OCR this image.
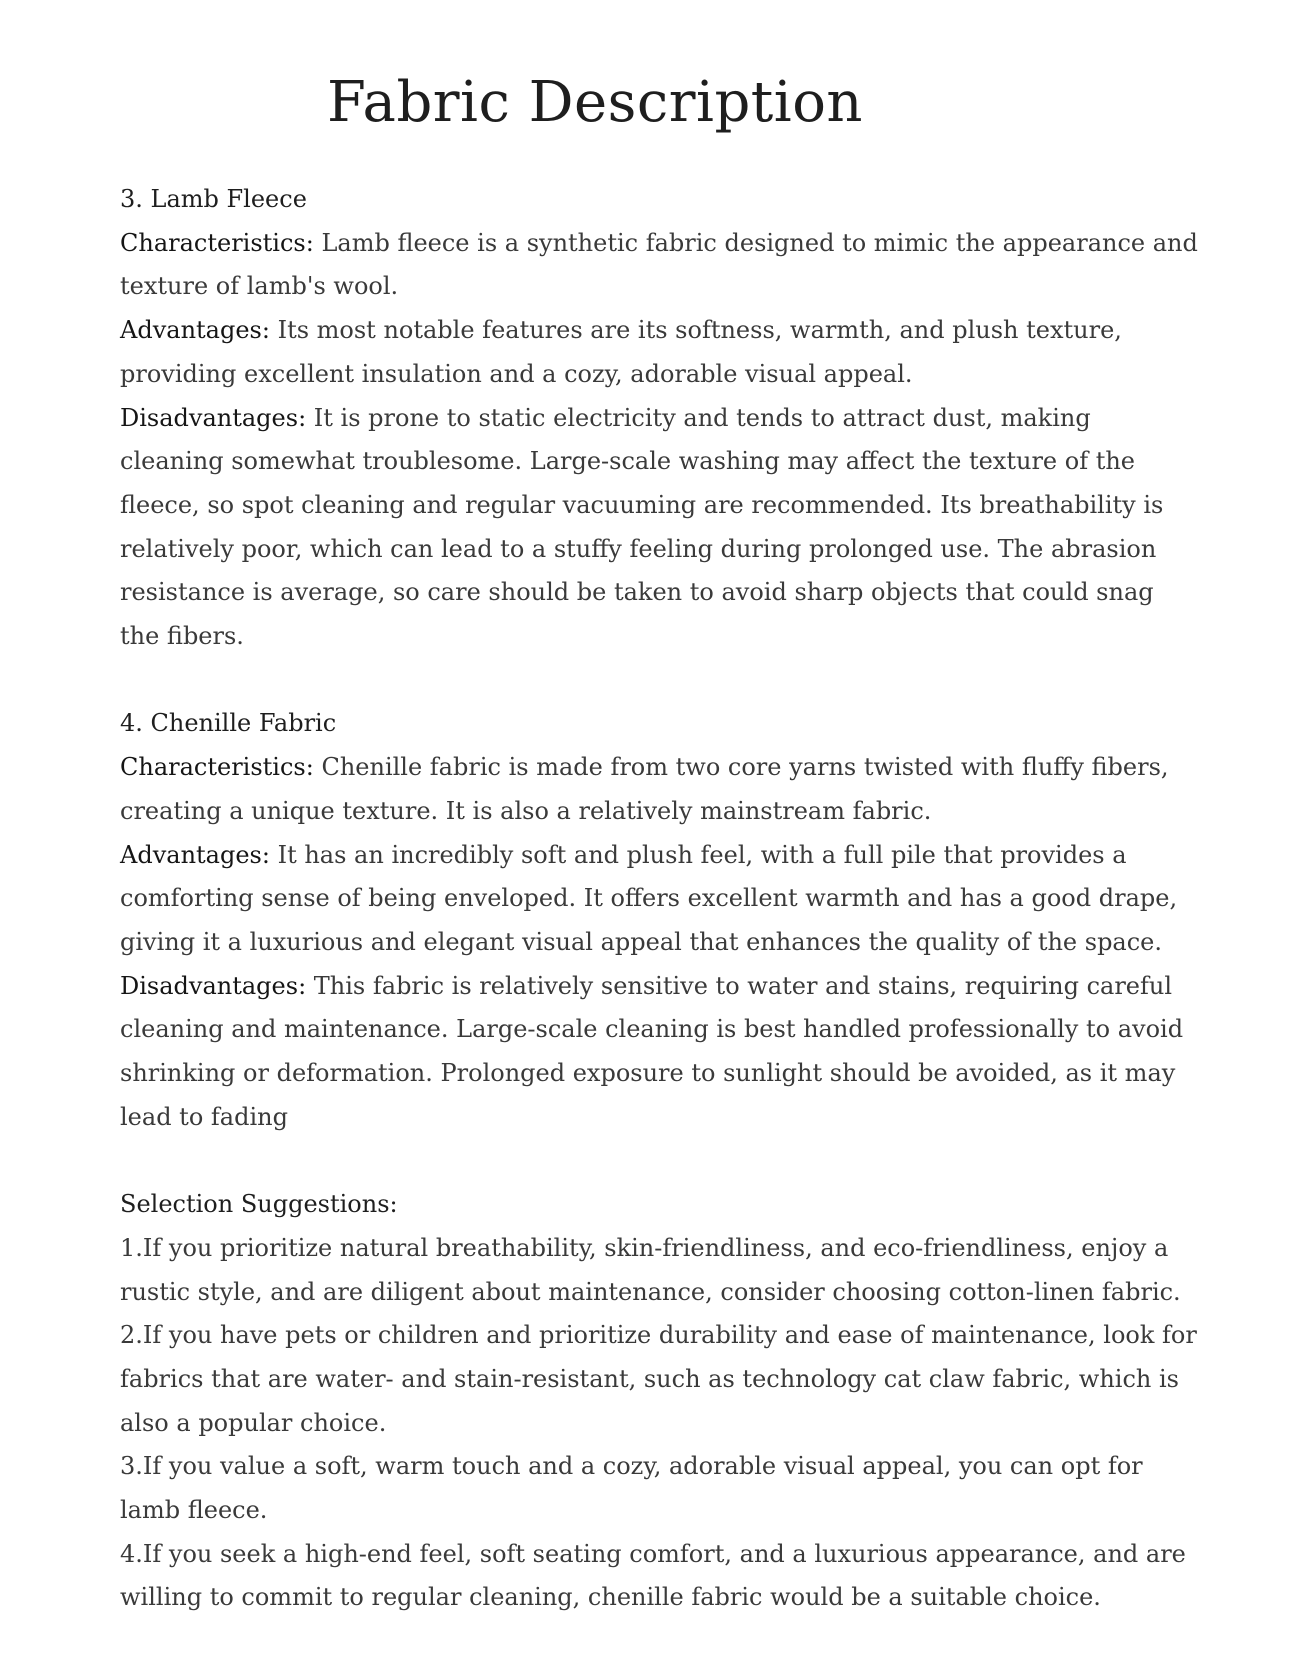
Fabric Description

3. Lamb Fleece

Characteristics: Lamb fleece is a synthetic fabric designed to mimic the appearance and texture of lamb's wool.

Advantages: Its most notable features are its softness, warmth, and plush texture, providing excellent insulation and a cozy, adorable visual appeal.

Disadvantages: It is prone to static electricity and tends to attract dust, making cleaning somewhat troublesome. Large-scale washing may affect the texture of the fleece, so spot cleaning and regular vacuuming are recommended. Its breathability is relatively poor, which can lead to a stuffy feeling during prolonged use. The abrasion resistance is average, so care should be taken to avoid sharp objects that could snag the fibers.

4. Chenille Fabric

Characteristics: Chenille fabric is made from two core yarns twisted with fluffy fibers, creating a unique texture. It is also a relatively mainstream fabric.

Advantages: It has an incredibly soft and plush feel, with a full pile that provides a comforting sense of being enveloped. It offers excellent warmth and has a good drape, giving it a luxurious and elegant visual appeal that enhances the quality of the space.

Disadvantages: This fabric is relatively sensitive to water and stains, requiring careful cleaning and maintenance. Large-scale cleaning is best handled professionally to avoid shrinking or deformation. Prolonged exposure to sunlight should be avoided, as it may lead to fading

Selection Suggestions:

1.If you prioritize natural breathability, skin-friendliness, and eco-friendliness, enjoy a rustic style, and are diligent about maintenance, consider choosing cotton-linen fabric.

2.If you have pets or children and prioritize durability and ease of maintenance, look for fabrics that are water- and stain-resistant, such as technology cat claw fabric, which is also a popular choice.

3.If you value a soft, warm touch and a cozy, adorable visual appeal, you can opt for lamb fleece.

4.If you seek a high-end feel, soft seating comfort, and a luxurious appearance, and are willing to commit to regular cleaning, chenille fabric would be a suitable choice.
